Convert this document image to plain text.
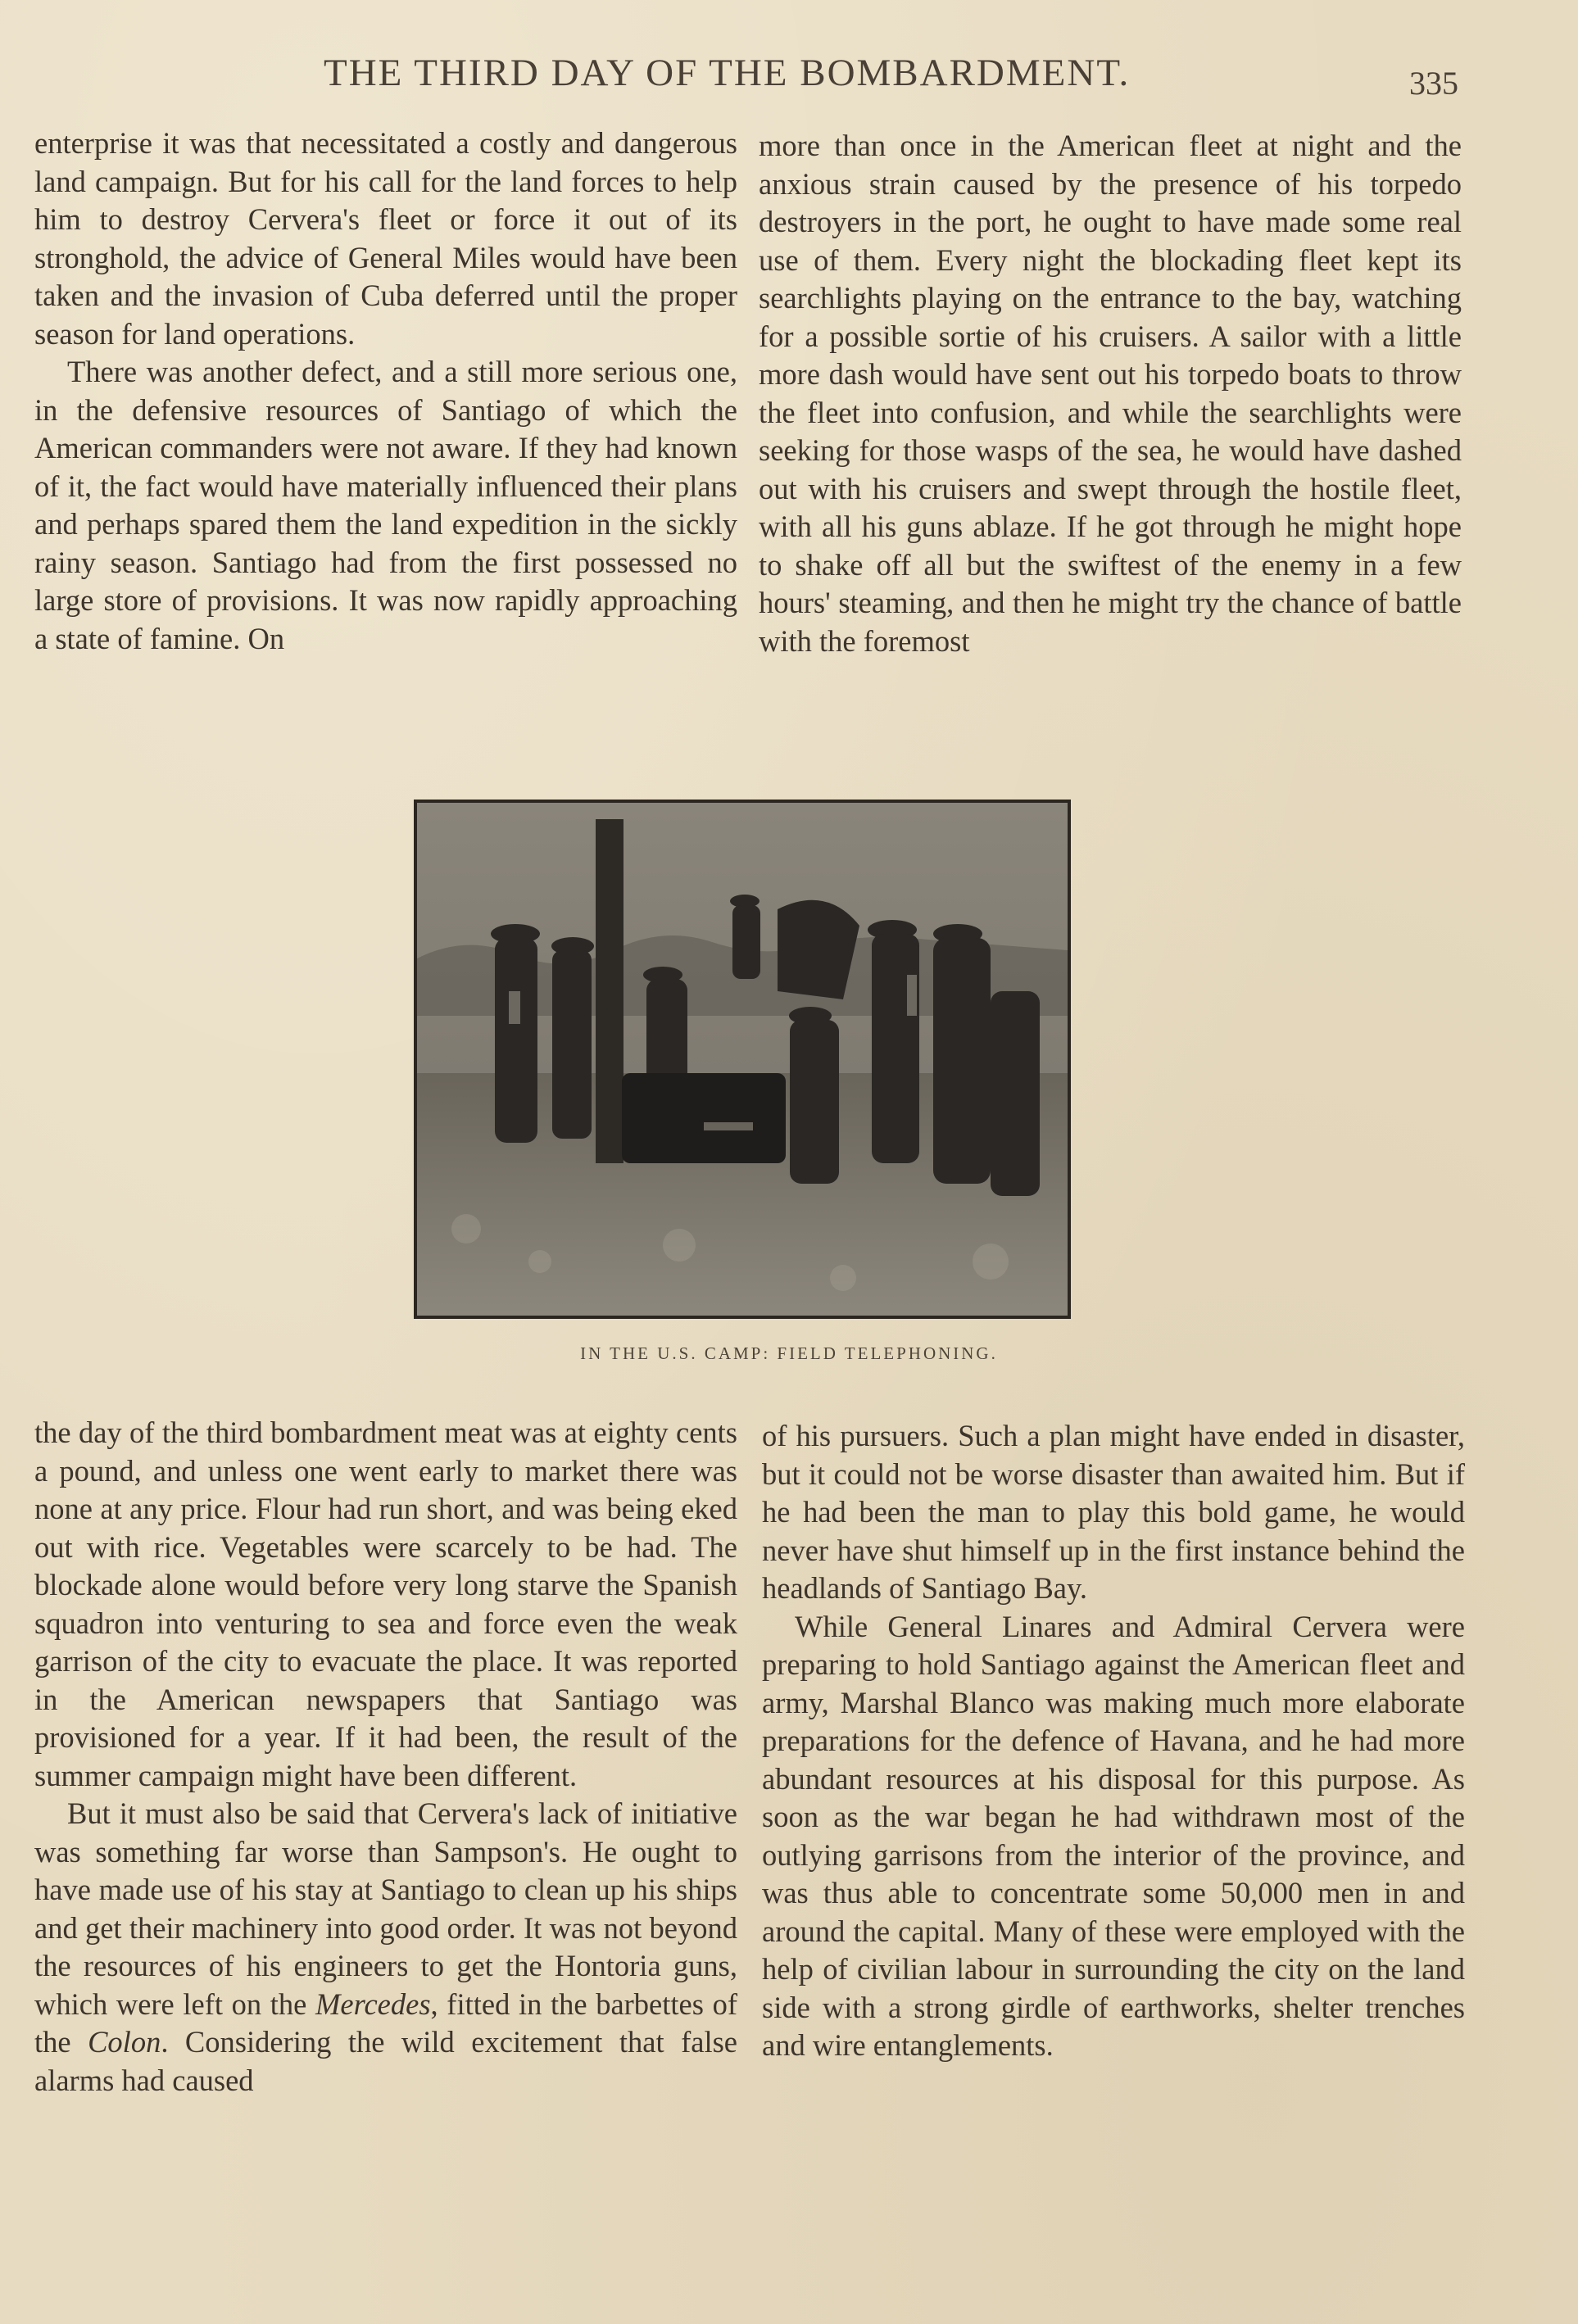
THE THIRD DAY OF THE BOMBARDMENT.	335

enterprise it was that necessitated a costly and dangerous land campaign. But for his call for the land forces to help him to destroy Cervera's fleet or force it out of its stronghold, the advice of General Miles would have been taken and the invasion of Cuba deferred until the proper season for land operations.

There was another defect, and a still more serious one, in the defensive resources of Santiago of which the American commanders were not aware. If they had known of it, the fact would have materially influenced their plans and perhaps spared them the land expedition in the sickly rainy season. Santiago had from the first possessed no large store of provisions. It was now rapidly approaching a state of famine. On

more than once in the American fleet at night and the anxious strain caused by the presence of his torpedo destroyers in the port, he ought to have made some real use of them. Every night the blockading fleet kept its searchlights playing on the entrance to the bay, watching for a possible sortie of his cruisers. A sailor with a little more dash would have sent out his torpedo boats to throw the fleet into confusion, and while the searchlights were seeking for those wasps of the sea, he would have dashed out with his cruisers and swept through the hostile fleet, with all his guns ablaze. If he got through he might hope to shake off all but the swiftest of the enemy in a few hours' steaming, and then he might try the chance of battle with the foremost

IN THE U.S. CAMP: FIELD TELEPHONING.

the day of the third bombardment meat was at eighty cents a pound, and unless one went early to market there was none at any price. Flour had run short, and was being eked out with rice. Vegetables were scarcely to be had. The blockade alone would before very long starve the Spanish squadron into venturing to sea and force even the weak garrison of the city to evacuate the place. It was reported in the American newspapers that Santiago was provisioned for a year. If it had been, the result of the summer campaign might have been different.

But it must also be said that Cervera's lack of initiative was something far worse than Sampson's. He ought to have made use of his stay at Santiago to clean up his ships and get their machinery into good order. It was not beyond the resources of his engineers to get the Hontoria guns, which were left on the Mercedes, fitted in the barbettes of the Colon. Considering the wild excitement that false alarms had caused

of his pursuers. Such a plan might have ended in disaster, but it could not be worse disaster than awaited him. But if he had been the man to play this bold game, he would never have shut himself up in the first instance behind the headlands of Santiago Bay.

While General Linares and Admiral Cervera were preparing to hold Santiago against the American fleet and army, Marshal Blanco was making much more elaborate preparations for the defence of Havana, and he had more abundant resources at his disposal for this purpose. As soon as the war began he had withdrawn most of the outlying garrisons from the interior of the province, and was thus able to concentrate some 50,000 men in and around the capital. Many of these were employed with the help of civilian labour in surrounding the city on the land side with a strong girdle of earthworks, shelter trenches and wire entanglements.
